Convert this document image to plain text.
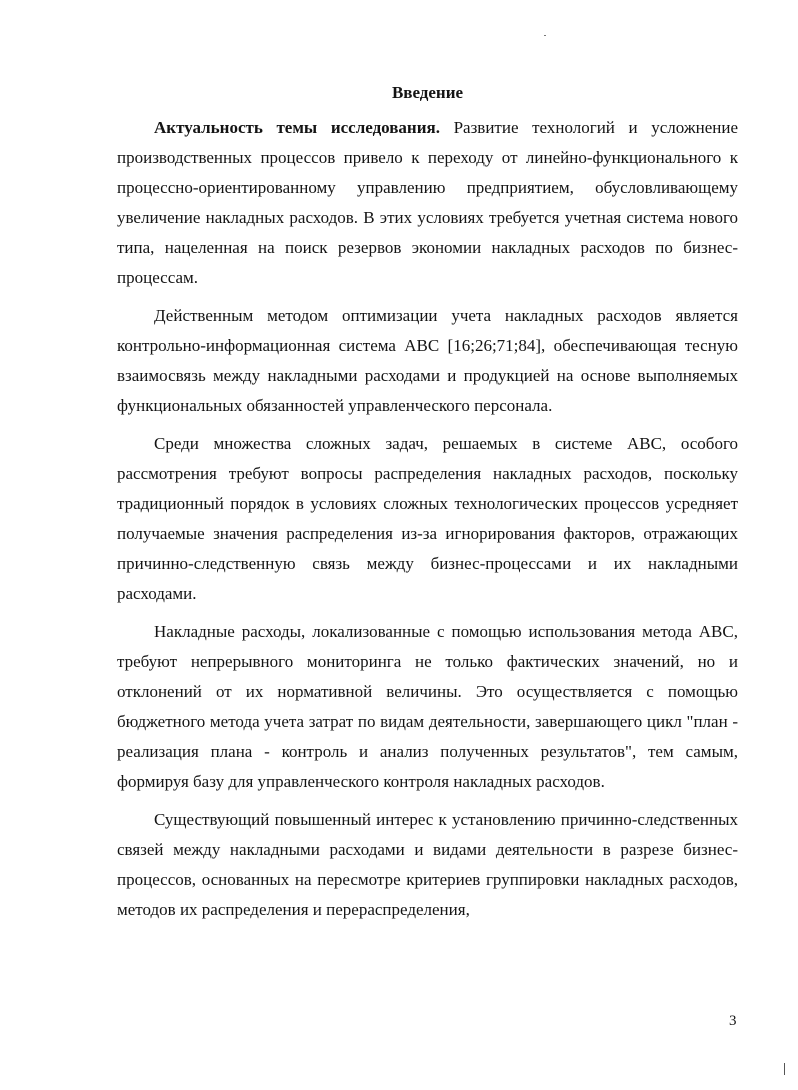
Введение

Актуальность темы исследования. Развитие технологий и усложнение производственных процессов привело к переходу от линейно-функционального к процессно-ориентированному управлению предприятием, обусловливающему увеличение накладных расходов. В этих условиях требуется учетная система нового типа, нацеленная на поиск резервов экономии накладных расходов по бизнес-процессам.

Действенным методом оптимизации учета накладных расходов является контрольно-информационная система АВС [16;26;71;84], обеспечивающая тесную взаимосвязь между накладными расходами и продукцией на основе выполняемых функциональных обязанностей управленческого персонала.

Среди множества сложных задач, решаемых в системе АВС, особого рассмотрения требуют вопросы распределения накладных расходов, поскольку традиционный порядок в условиях сложных технологических процессов усредняет получаемые значения распределения из-за игнорирования факторов, отражающих причинно-следственную связь между бизнес-процессами и их накладными расходами.

Накладные расходы, локализованные с помощью использования метода АВС, требуют непрерывного мониторинга не только фактических значений, но и отклонений от их нормативной величины. Это осуществляется с помощью бюджетного метода учета затрат по видам деятельности, завершающего цикл "план - реализация плана - контроль и анализ полученных результатов", тем самым, формируя базу для управленческого контроля накладных расходов.

Существующий повышенный интерес к установлению причинно-следственных связей между накладными расходами и видами деятельности в разрезе бизнес-процессов, основанных на пересмотре критериев группировки накладных расходов, методов их распределения и перераспределения,

3
